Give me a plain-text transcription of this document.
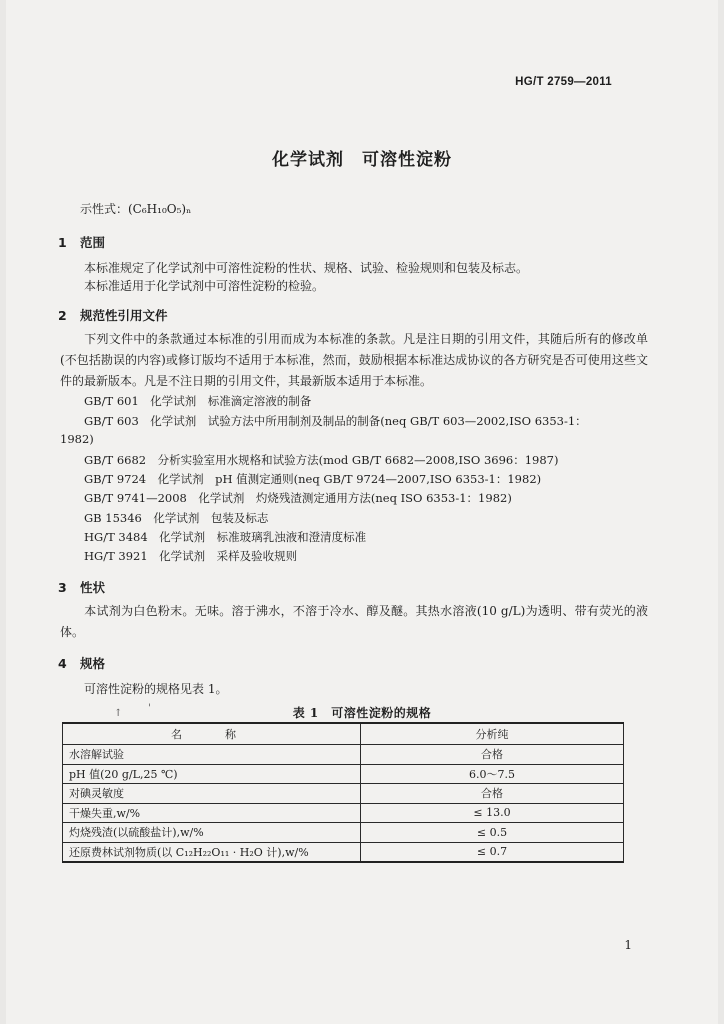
HG/T 2759—2011
化学试剂　可溶性淀粉
示性式：(C₆H₁₀O₅)ₙ
1 范围
本标准规定了化学试剂中可溶性淀粉的性状、规格、试验、检验规则和包装及标志。
本标准适用于化学试剂中可溶性淀粉的检验。
2 规范性引用文件
下列文件中的条款通过本标准的引用而成为本标准的条款。凡是注日期的引用文件，其随后所有的修改单(不包括勘误的内容)或修订版均不适用于本标准，然而，鼓励根据本标准达成协议的各方研究是否可使用这些文件的最新版本。凡是不注日期的引用文件，其最新版本适用于本标准。
GB/T 601　化学试剂　标准滴定溶液的制备
GB/T 603　化学试剂　试验方法中所用制剂及制品的制备(neq GB/T 603—2002,ISO 6353-1：
1982)
GB/T 6682　分析实验室用水规格和试验方法(mod GB/T 6682—2008,ISO 3696：1987)
GB/T 9724　化学试剂　pH 值测定通则(neq GB/T 9724—2007,ISO 6353-1：1982)
GB/T 9741—2008　化学试剂　灼烧残渣测定通用方法(neq ISO 6353-1：1982)
GB 15346　化学试剂　包装及标志
HG/T 3484　化学试剂　标准玻璃乳浊液和澄清度标准
HG/T 3921　化学试剂　采样及验收规则
3 性状
本试剂为白色粉末。无味。溶于沸水，不溶于冷水、醇及醚。其热水溶液(10 g/L)为透明、带有荧光的液体。
4 规格
可溶性淀粉的规格见表 1。
↑	'	表 1　可溶性淀粉的规格
名　称	分析纯
水溶解试验	合格
pH 值(20 g/L,25 ℃)	6.0～7.5
对碘灵敏度	合格
干燥失重,w/%	≤ 13.0
灼烧残渣(以硫酸盐计),w/%	≤ 0.5
还原费林试剂物质(以 C₁₂H₂₂O₁₁ · H₂O 计),w/%	≤ 0.7
1
